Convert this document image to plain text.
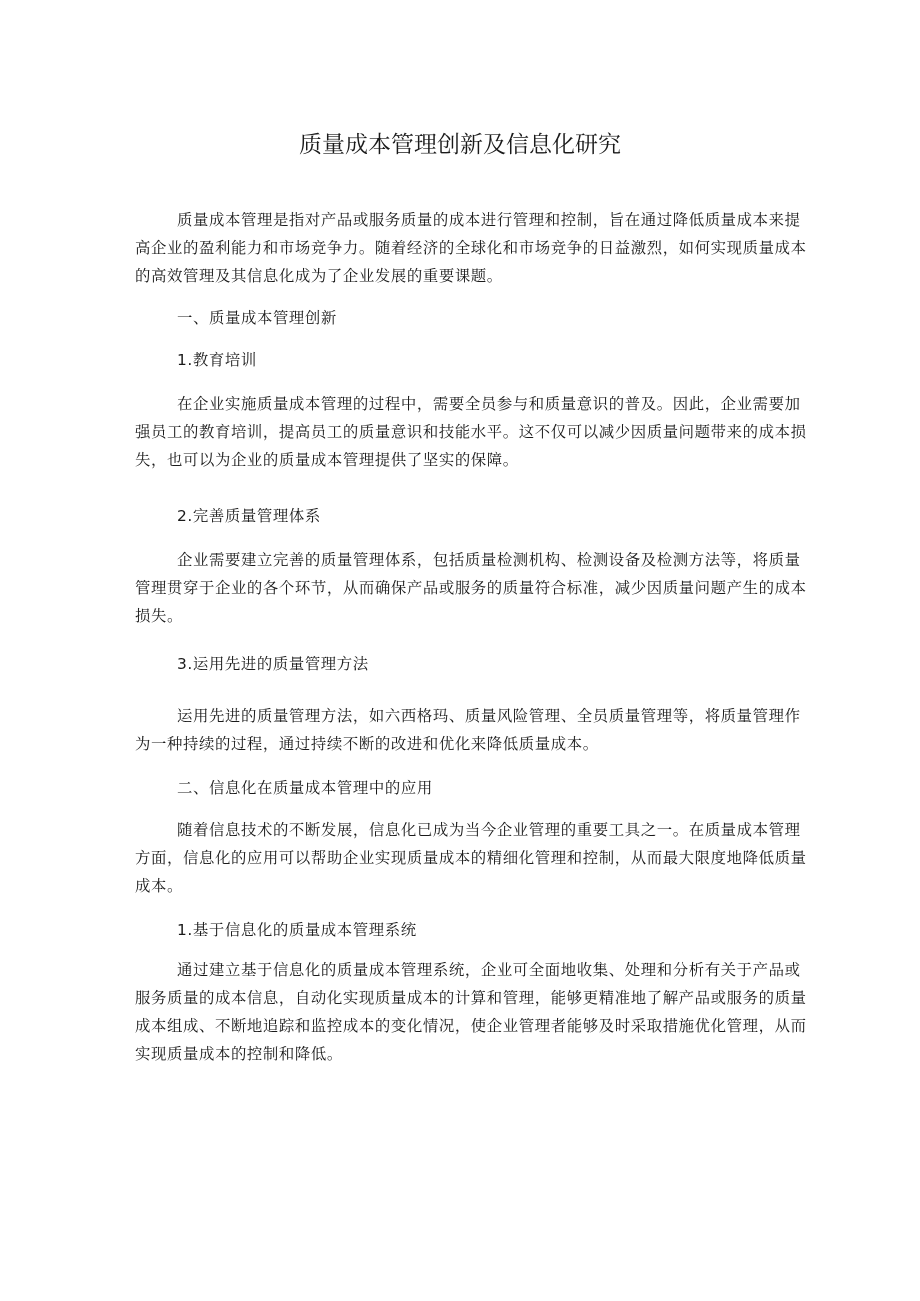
质量成本管理创新及信息化研究
质量成本管理是指对产品或服务质量的成本进行管理和控制，旨在通过降低质量成本来提
高企业的盈利能力和市场竞争力。随着经济的全球化和市场竞争的日益激烈，如何实现质量成本
的高效管理及其信息化成为了企业发展的重要课题。
一、质量成本管理创新
1.教育培训
在企业实施质量成本管理的过程中，需要全员参与和质量意识的普及。因此，企业需要加
强员工的教育培训，提高员工的质量意识和技能水平。这不仅可以减少因质量问题带来的成本损
失，也可以为企业的质量成本管理提供了坚实的保障。
2.完善质量管理体系
企业需要建立完善的质量管理体系，包括质量检测机构、检测设备及检测方法等，将质量
管理贯穿于企业的各个环节，从而确保产品或服务的质量符合标准，减少因质量问题产生的成本
损失。
3.运用先进的质量管理方法
运用先进的质量管理方法，如六西格玛、质量风险管理、全员质量管理等，将质量管理作
为一种持续的过程，通过持续不断的改进和优化来降低质量成本。
二、信息化在质量成本管理中的应用
随着信息技术的不断发展，信息化已成为当今企业管理的重要工具之一。在质量成本管理
方面，信息化的应用可以帮助企业实现质量成本的精细化管理和控制，从而最大限度地降低质量
成本。
1.基于信息化的质量成本管理系统
通过建立基于信息化的质量成本管理系统，企业可全面地收集、处理和分析有关于产品或
服务质量的成本信息，自动化实现质量成本的计算和管理，能够更精准地了解产品或服务的质量
成本组成、不断地追踪和监控成本的变化情况，使企业管理者能够及时采取措施优化管理，从而
实现质量成本的控制和降低。
